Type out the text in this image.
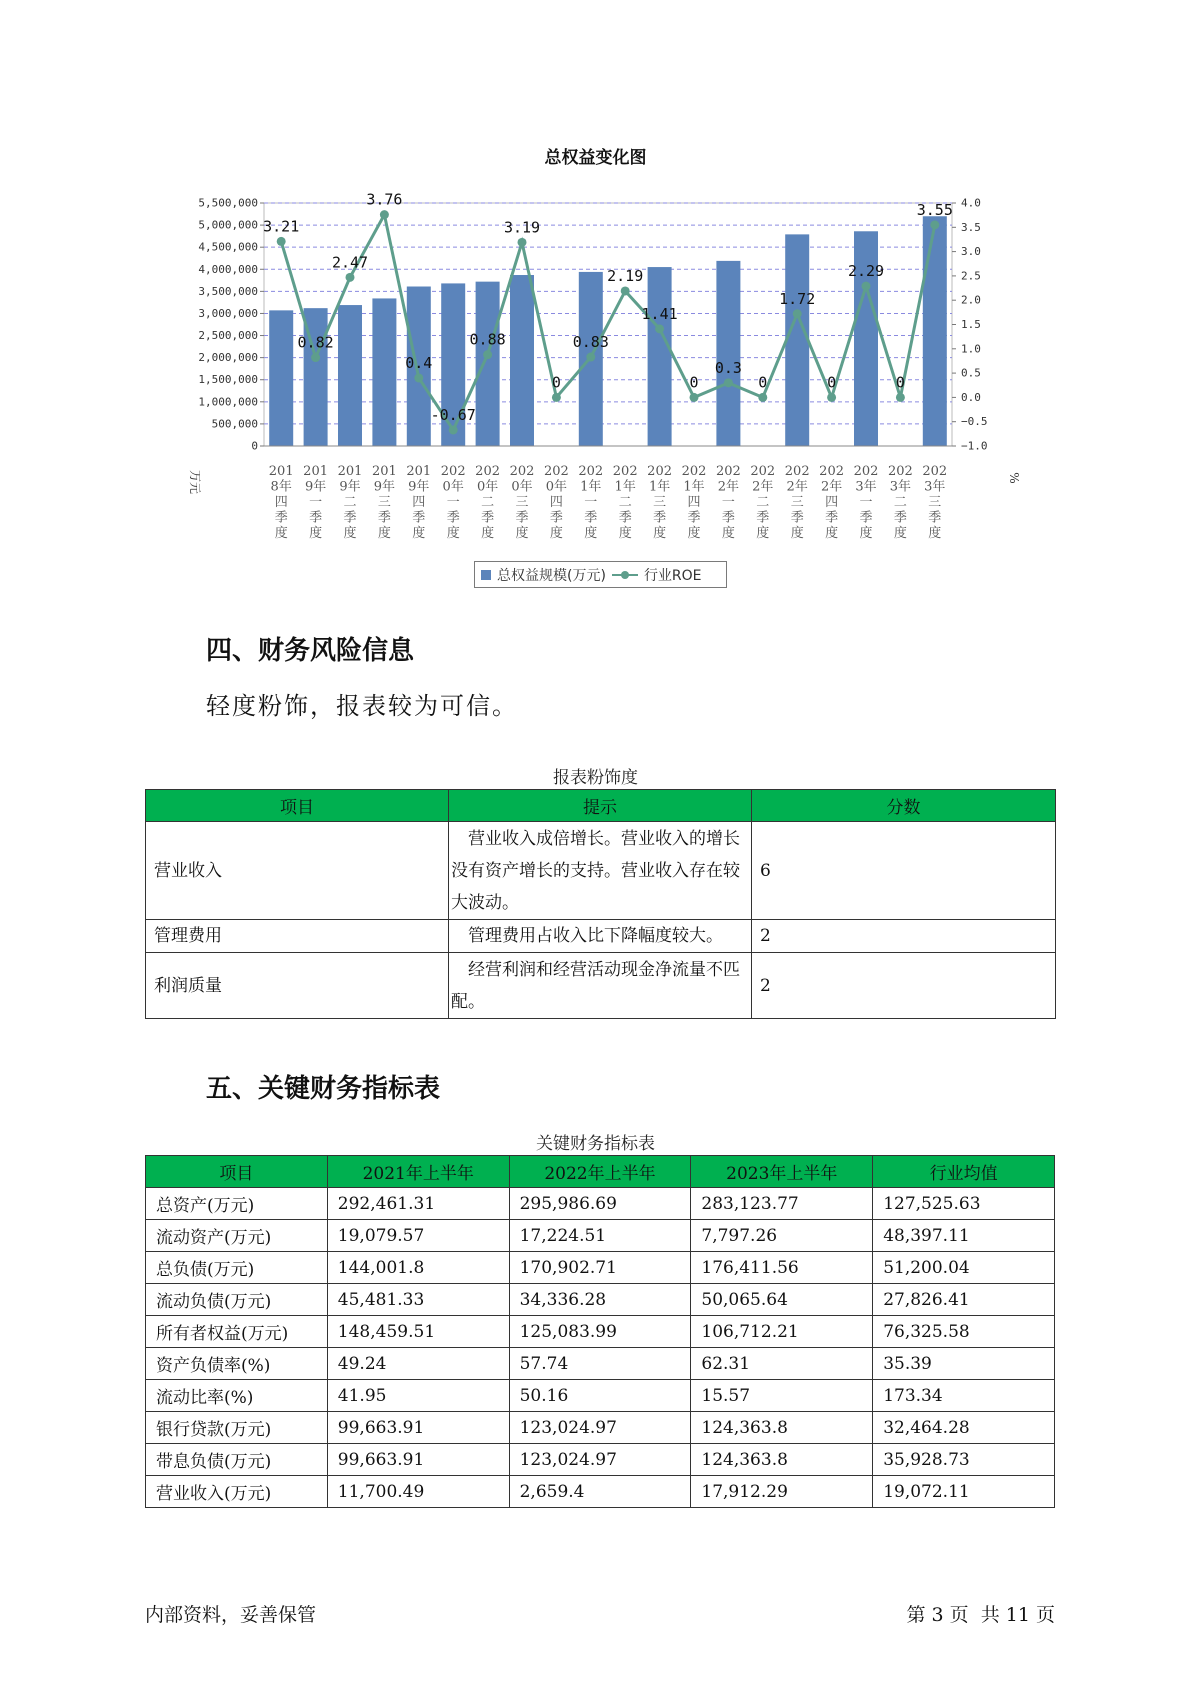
总权益变化图
0
500,000
1,000,000
1,500,000
2,000,000
2,500,000
3,000,000
3,500,000
4,000,000
4,500,000
5,000,000
5,500,000
−1.0
−0.5
0.0
0.5
1.0
1.5
2.0
2.5
3.0
3.5
4.0
万元	%
3.21
0.82
2.47
3.76
0.4
-0.67
0.88
3.19
0
0.83
2.19
1.41
0
0.3
0
1.72
0
2.29
0
3.55
201
8年
四
季
度
201
9年
一
季
度
201
9年
二
季
度
201
9年
三
季
度
201
9年
四
季
度
202
0年
一
季
度
202
0年
二
季
度
202
0年
三
季
度
202
0年
四
季
度
202
1年
一
季
度
202
1年
二
季
度
202
1年
三
季
度
202
1年
四
季
度
202
2年
一
季
度
202
2年
二
季
度
202
2年
三
季
度
202
2年
四
季
度
202
3年
一
季
度
202
3年
二
季
度
202
3年
三
季
度
总权益规模(万元)	行业ROE
四、财务风险信息
轻度粉饰，报表较为可信。
报表粉饰度
项目	提示	分数
营业收入	营业收入成倍增长。营业收入的增长没有资产增长的支持。营业收入存在较大波动。	6
管理费用	管理费用占收入比下降幅度较大。	2
利润质量	经营利润和经营活动现金净流量不匹配。	2
五、关键财务指标表
关键财务指标表
项目	2021年上半年	2022年上半年	2023年上半年	行业均值
总资产(万元)	292,461.31	295,986.69	283,123.77	127,525.63
流动资产(万元)	19,079.57	17,224.51	7,797.26	48,397.11
总负债(万元)	144,001.8	170,902.71	176,411.56	51,200.04
流动负债(万元)	45,481.33	34,336.28	50,065.64	27,826.41
所有者权益(万元)	148,459.51	125,083.99	106,712.21	76,325.58
资产负债率(%)	49.24	57.74	62.31	35.39
流动比率(%)	41.95	50.16	15.57	173.34
银行贷款(万元)	99,663.91	123,024.97	124,363.8	32,464.28
带息负债(万元)	99,663.91	123,024.97	124,363.8	35,928.73
营业收入(万元)	11,700.49	2,659.4	17,912.29	19,072.11
内部资料，妥善保管	第 3 页  共 11 页
